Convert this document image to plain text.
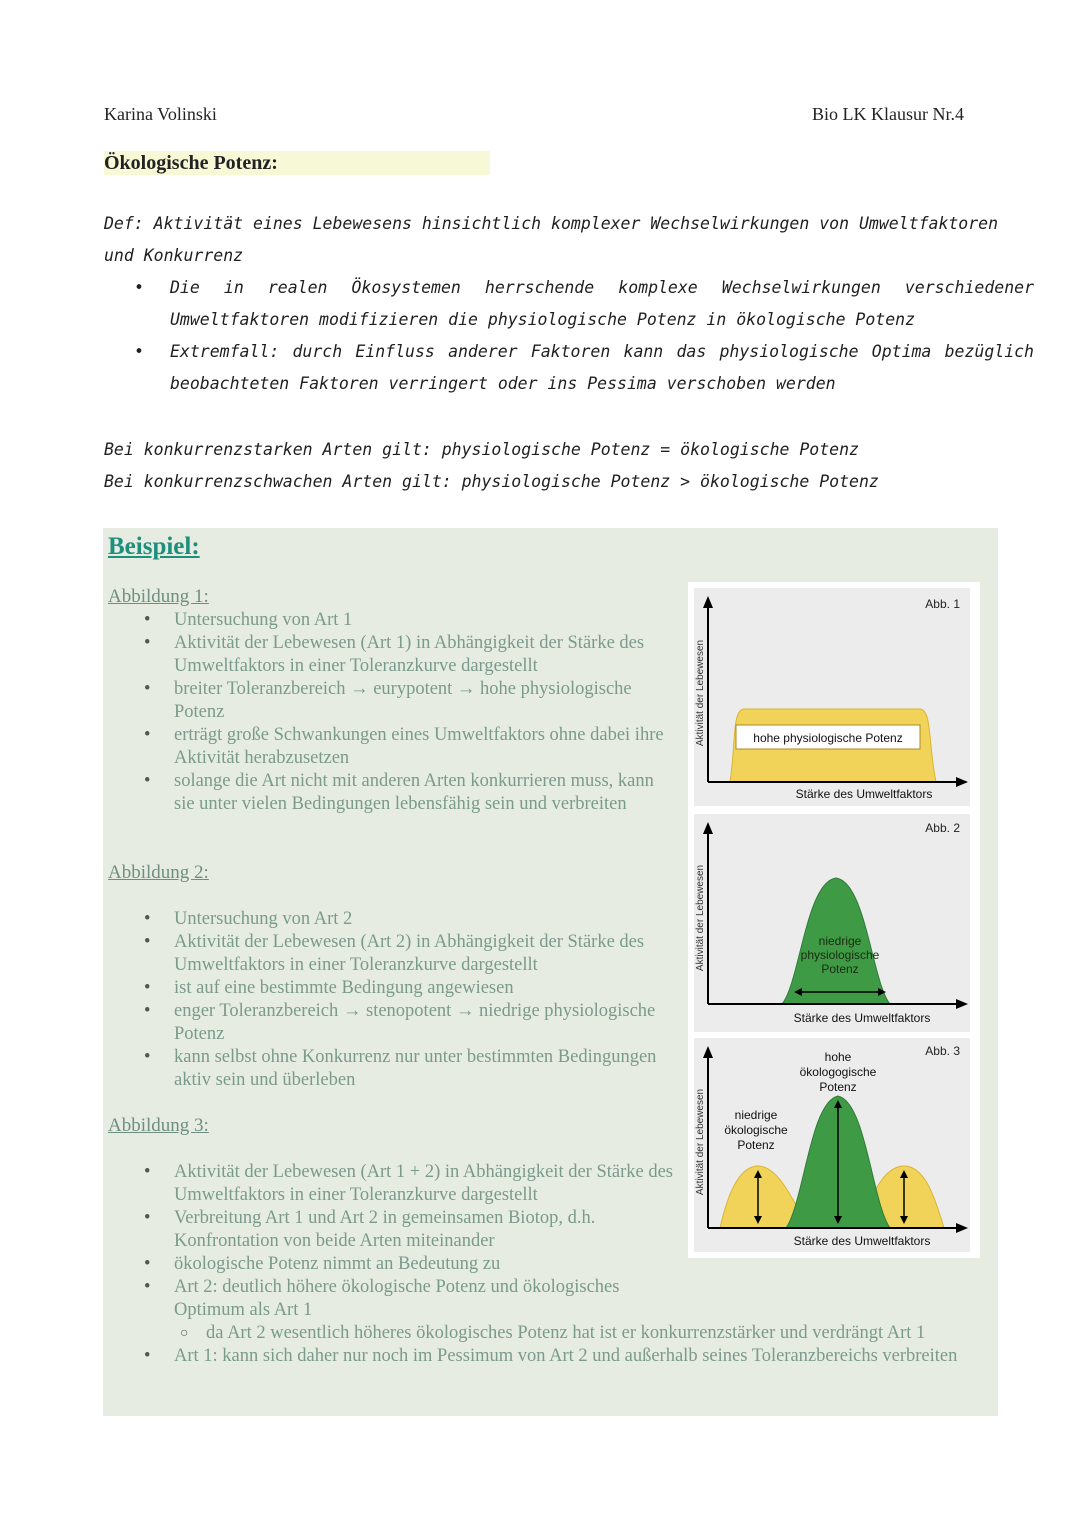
Karina Volinski	Bio LK Klausur Nr.4
Ökologische Potenz:
Def: Aktivität eines Lebewesens hinsichtlich komplexer Wechselwirkungen von Umweltfaktoren und Konkurrenz
• Die in realen Ökosystemen herrschende komplexe Wechselwirkungen verschiedener Umweltfaktoren modifizieren die physiologische Potenz in ökologische Potenz
• Extremfall: durch Einfluss anderer Faktoren kann das physiologische Optima bezüglich beobachteten Faktoren verringert oder ins Pessima verschoben werden
Bei konkurrenzstarken Arten gilt: physiologische Potenz = ökologische Potenz
Bei konkurrenzschwachen Arten gilt: physiologische Potenz > ökologische Potenz
Beispiel:
Abbildung 1:
• Untersuchung von Art 1
• Aktivität der Lebewesen (Art 1) in Abhängigkeit der Stärke des Umweltfaktors in einer Toleranzkurve dargestellt
• breiter Toleranzbereich → eurypotent → hohe physiologische Potenz
• erträgt große Schwankungen eines Umweltfaktors ohne dabei ihre Aktivität herabzusetzen
• solange die Art nicht mit anderen Arten konkurrieren muss, kann sie unter vielen Bedingungen lebensfähig sein und verbreiten
Abbildung 2:
• Untersuchung von Art 2
• Aktivität der Lebewesen (Art 2) in Abhängigkeit der Stärke des Umweltfaktors in einer Toleranzkurve dargestellt
• ist auf eine bestimmte Bedingung angewiesen
• enger Toleranzbereich → stenopotent → niedrige physiologische Potenz
• kann selbst ohne Konkurrenz nur unter bestimmten Bedingungen aktiv sein und überleben
Abbildung 3:
• Aktivität der Lebewesen (Art 1 + 2) in Abhängigkeit der Stärke des Umweltfaktors in einer Toleranzkurve dargestellt
• Verbreitung Art 1 und Art 2 in gemeinsamen Biotop, d.h. Konfrontation von beide Arten miteinander
• ökologische Potenz nimmt an Bedeutung zu
• Art 2: deutlich höhere ökologische Potenz und ökologisches Optimum als Art 1
○ da Art 2 wesentlich höheres ökologisches Potenz hat ist er konkurrenzstärker und verdrängt Art 1
• Art 1: kann sich daher nur noch im Pessimum von Art 2 und außerhalb seines Toleranzbereichs verbreiten
Abb. 1
hohe physiologische Potenz
Stärke des Umweltfaktors
Aktivität der Lebewesen
Abb. 2
niedrige
physiologische
Potenz
Stärke des Umweltfaktors
Aktivität der Lebewesen
Abb. 3
hohe
ökologogische
Potenz
niedrige
ökologische
Potenz
Stärke des Umweltfaktors
Aktivität der Lebewesen
